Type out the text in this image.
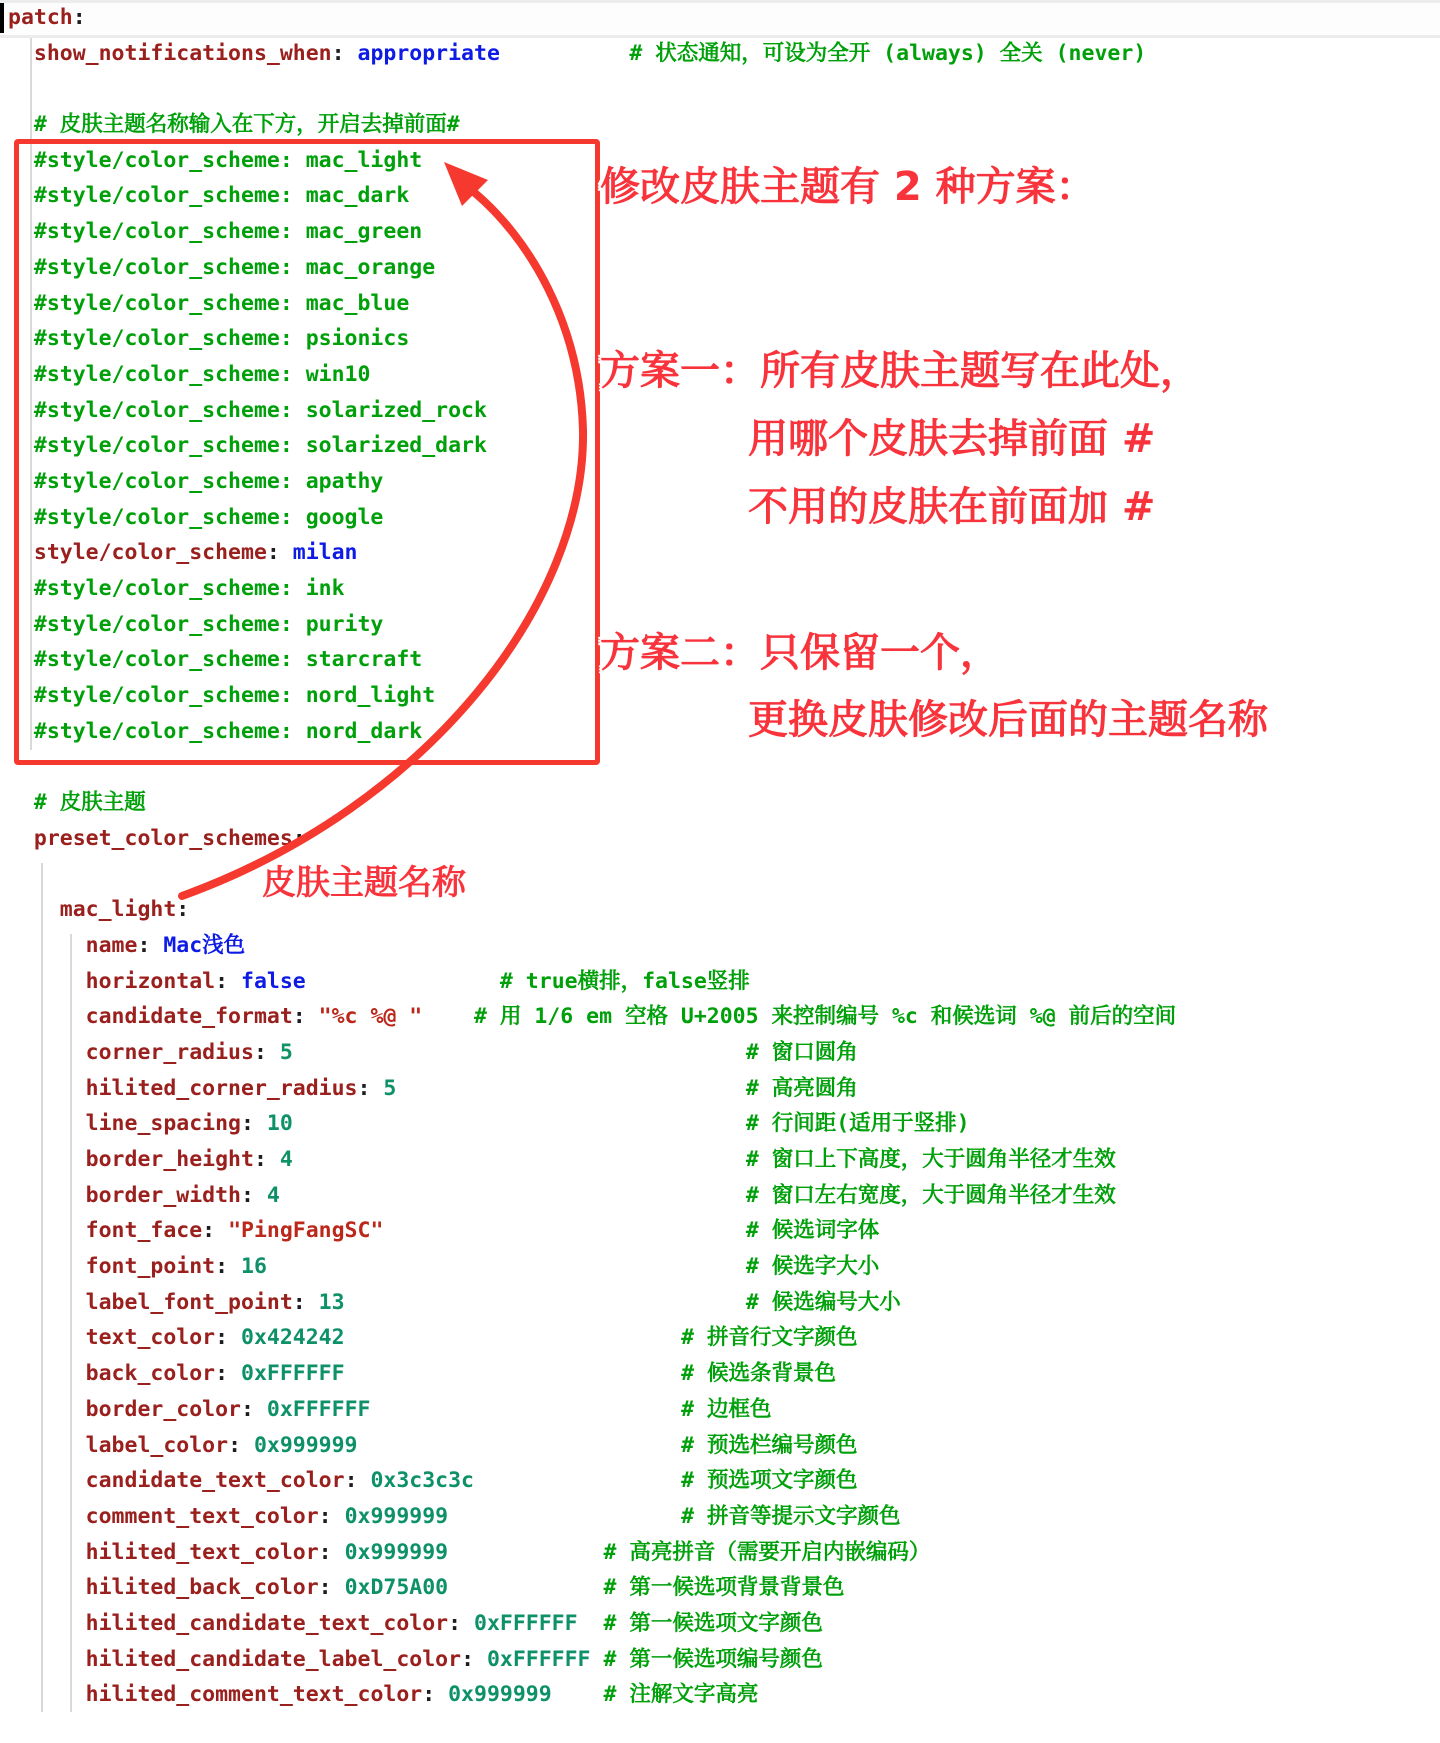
patch:
show_notifications_when: appropriate	# 状态通知，可设为全开 (always) 全关 (never)
# 皮肤主题名称输入在下方，开启去掉前面#
#style/color_scheme: mac_light
#style/color_scheme: mac_dark
#style/color_scheme: mac_green
#style/color_scheme: mac_orange
#style/color_scheme: mac_blue
#style/color_scheme: psionics
#style/color_scheme: win10
#style/color_scheme: solarized_rock
#style/color_scheme: solarized_dark
#style/color_scheme: apathy
#style/color_scheme: google
style/color_scheme: milan
#style/color_scheme: ink
#style/color_scheme: purity
#style/color_scheme: starcraft
#style/color_scheme: nord_light
#style/color_scheme: nord_dark
# 皮肤主题
preset_color_schemes:
mac_light:
name: Mac浅色
horizontal: false	# true横排，false竖排
candidate_format: "%c %@ " # 用 1/6 em 空格 U+2005 来控制编号 %c 和候选词 %@ 前后的空间
corner_radius: 5	# 窗口圆角
hilited_corner_radius: 5	# 高亮圆角
line_spacing: 10	# 行间距(适用于竖排)
border_height: 4	# 窗口上下高度，大于圆角半径才生效
border_width: 4	# 窗口左右宽度，大于圆角半径才生效
font_face: "PingFangSC"	# 候选词字体
font_point: 16	# 候选字大小
label_font_point: 13	# 候选编号大小
text_color: 0x424242	# 拼音行文字颜色
back_color: 0xFFFFFF	# 候选条背景色
border_color: 0xFFFFFF	# 边框色
label_color: 0x999999	# 预选栏编号颜色
candidate_text_color: 0x3c3c3c	# 预选项文字颜色
comment_text_color: 0x999999	# 拼音等提示文字颜色
hilited_text_color: 0x999999	# 高亮拼音（需要开启内嵌编码）
hilited_back_color: 0xD75A00	# 第一候选项背景背景色
hilited_candidate_text_color: 0xFFFFFF # 第一候选项文字颜色
hilited_candidate_label_color: 0xFFFFFF # 第一候选项编号颜色
hilited_comment_text_color: 0x999999 # 注解文字高亮
修改皮肤主题有 2 种方案：
方案一：所有皮肤主题写在此处，
用哪个皮肤去掉前面 #
不用的皮肤在前面加 #
方案二：只保留一个，
更换皮肤修改后面的主题名称
皮肤主题名称
